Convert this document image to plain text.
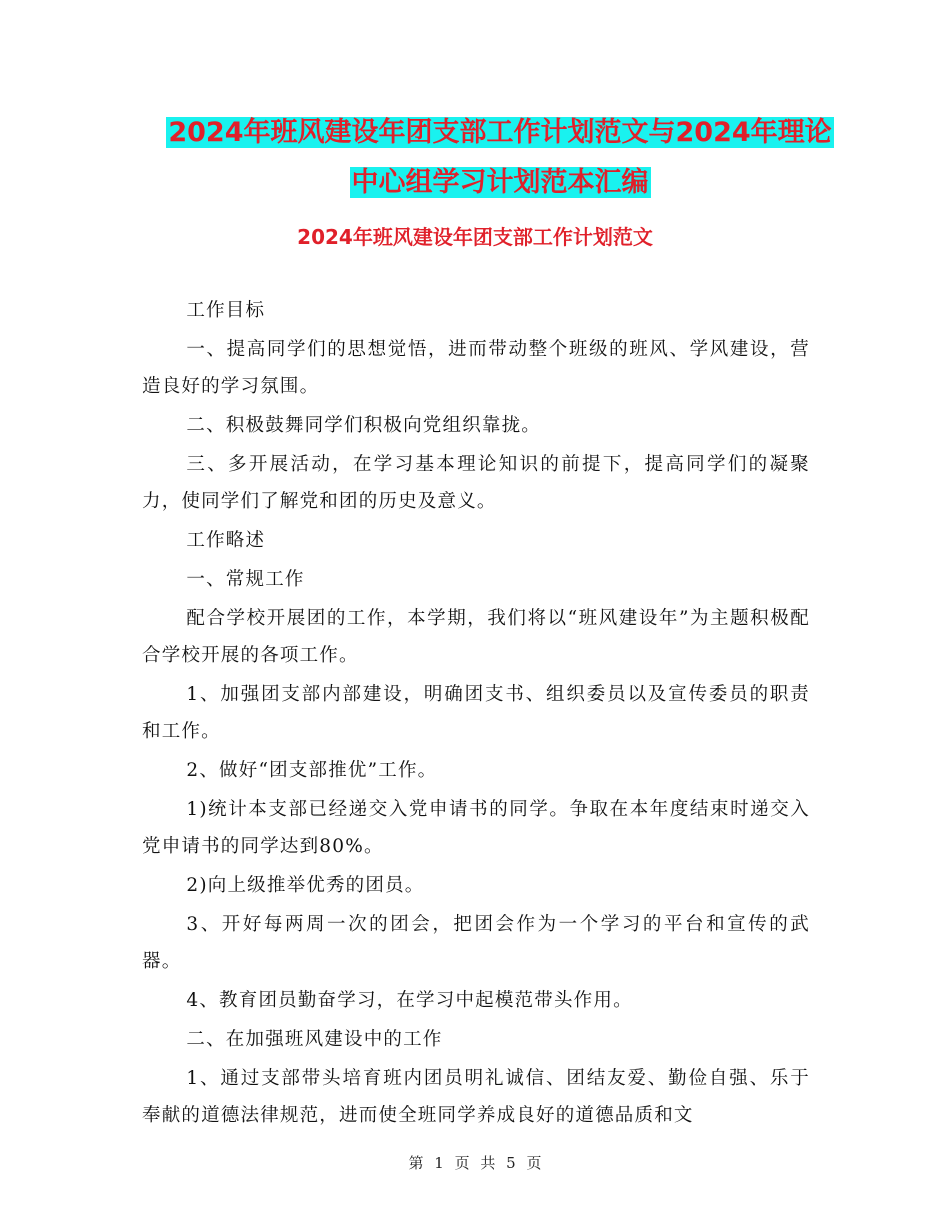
2024年班风建设年团支部工作计划范文与2024年理论
中心组学习计划范本汇编
2024年班风建设年团支部工作计划范文

工作目标

一、提高同学们的思想觉悟，进而带动整个班级的班风、学风建设，营造良好的学习氛围。

二、积极鼓舞同学们积极向党组织靠拢。

三、多开展活动，在学习基本理论知识的前提下，提高同学们的凝聚力，使同学们了解党和团的历史及意义。

工作略述

一、常规工作

配合学校开展团的工作，本学期，我们将以“班风建设年”为主题积极配合学校开展的各项工作。

1、加强团支部内部建设，明确团支书、组织委员以及宣传委员的职责和工作。

2、做好“团支部推优”工作。

1)统计本支部已经递交入党申请书的同学。争取在本年度结束时递交入党申请书的同学达到80%。

2)向上级推举优秀的团员。

3、开好每两周一次的团会，把团会作为一个学习的平台和宣传的武器。

4、教育团员勤奋学习，在学习中起模范带头作用。

二、在加强班风建设中的工作

1、通过支部带头培育班内团员明礼诚信、团结友爱、勤俭自强、乐于奉献的道德法律规范，进而使全班同学养成良好的道德品质和文

第 1 页 共 5 页
